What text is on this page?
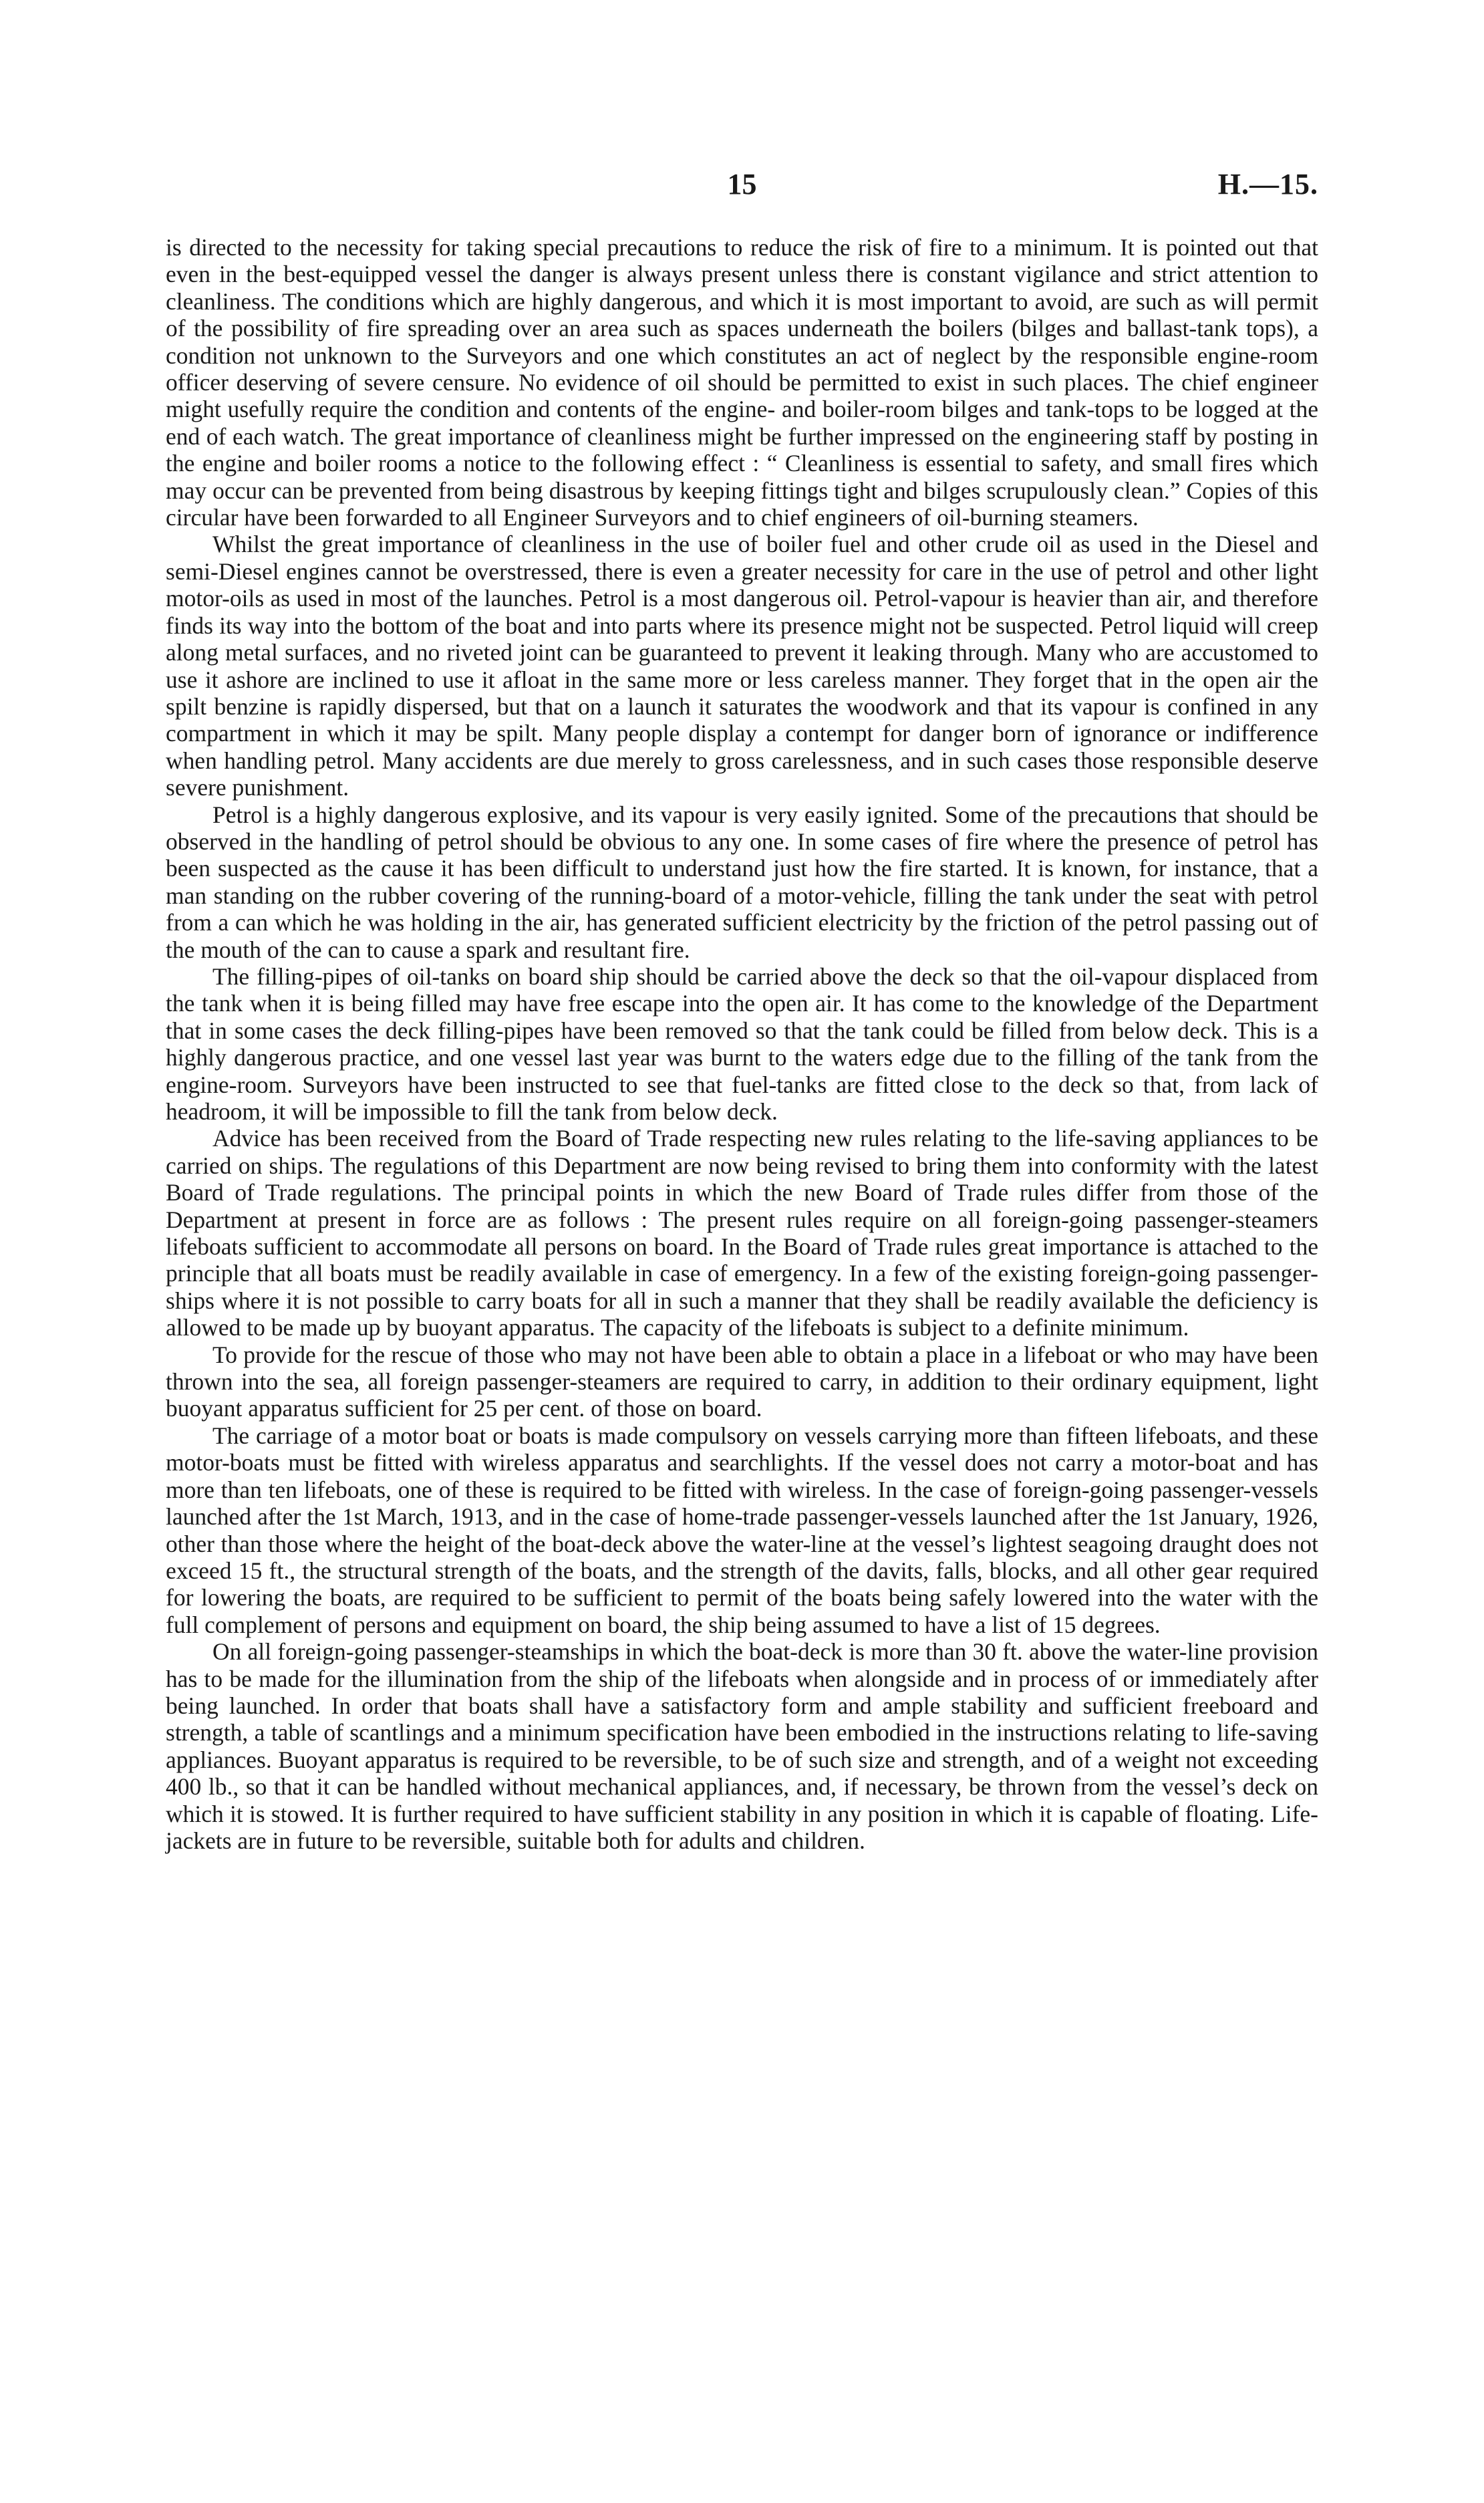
15	H.—15.

is directed to the necessity for taking special precautions to reduce the risk of fire to a minimum. It is pointed out that even in the best-equipped vessel the danger is always present unless there is constant vigilance and strict attention to cleanliness. The conditions which are highly dangerous, and which it is most important to avoid, are such as will permit of the possibility of fire spreading over an area such as spaces underneath the boilers (bilges and ballast-tank tops), a condition not unknown to the Surveyors and one which constitutes an act of neglect by the responsible engine-room officer deserving of severe censure. No evidence of oil should be permitted to exist in such places. The chief engineer might usefully require the condition and contents of the engine- and boiler-room bilges and tank-tops to be logged at the end of each watch. The great importance of cleanliness might be further impressed on the engineering staff by posting in the engine and boiler rooms a notice to the following effect : “ Cleanliness is essential to safety, and small fires which may occur can be prevented from being disastrous by keeping fittings tight and bilges scrupulously clean.” Copies of this circular have been forwarded to all Engineer Surveyors and to chief engineers of oil-burning steamers.

Whilst the great importance of cleanliness in the use of boiler fuel and other crude oil as used in the Diesel and semi-Diesel engines cannot be overstressed, there is even a greater necessity for care in the use of petrol and other light motor-oils as used in most of the launches. Petrol is a most dangerous oil. Petrol-vapour is heavier than air, and therefore finds its way into the bottom of the boat and into parts where its presence might not be suspected. Petrol liquid will creep along metal surfaces, and no riveted joint can be guaranteed to prevent it leaking through. Many who are accustomed to use it ashore are inclined to use it afloat in the same more or less careless manner. They forget that in the open air the spilt benzine is rapidly dispersed, but that on a launch it saturates the woodwork and that its vapour is confined in any compartment in which it may be spilt. Many people display a contempt for danger born of ignorance or indifference when handling petrol. Many accidents are due merely to gross carelessness, and in such cases those responsible deserve severe punishment.

Petrol is a highly dangerous explosive, and its vapour is very easily ignited. Some of the precautions that should be observed in the handling of petrol should be obvious to any one. In some cases of fire where the presence of petrol has been suspected as the cause it has been difficult to understand just how the fire started. It is known, for instance, that a man standing on the rubber covering of the running-board of a motor-vehicle, filling the tank under the seat with petrol from a can which he was holding in the air, has generated sufficient electricity by the friction of the petrol passing out of the mouth of the can to cause a spark and resultant fire.

The filling-pipes of oil-tanks on board ship should be carried above the deck so that the oil-vapour displaced from the tank when it is being filled may have free escape into the open air. It has come to the knowledge of the Department that in some cases the deck filling-pipes have been removed so that the tank could be filled from below deck. This is a highly dangerous practice, and one vessel last year was burnt to the waters edge due to the filling of the tank from the engine-room. Surveyors have been instructed to see that fuel-tanks are fitted close to the deck so that, from lack of headroom, it will be impossible to fill the tank from below deck.

Advice has been received from the Board of Trade respecting new rules relating to the life-saving appliances to be carried on ships. The regulations of this Department are now being revised to bring them into conformity with the latest Board of Trade regulations. The principal points in which the new Board of Trade rules differ from those of the Department at present in force are as follows : The present rules require on all foreign-going passenger-steamers lifeboats sufficient to accommodate all persons on board. In the Board of Trade rules great importance is attached to the principle that all boats must be readily available in case of emergency. In a few of the existing foreign-going passenger-ships where it is not possible to carry boats for all in such a manner that they shall be readily available the deficiency is allowed to be made up by buoyant apparatus. The capacity of the lifeboats is subject to a definite minimum.

To provide for the rescue of those who may not have been able to obtain a place in a lifeboat or who may have been thrown into the sea, all foreign passenger-steamers are required to carry, in addition to their ordinary equipment, light buoyant apparatus sufficient for 25 per cent. of those on board.

The carriage of a motor boat or boats is made compulsory on vessels carrying more than fifteen lifeboats, and these motor-boats must be fitted with wireless apparatus and searchlights. If the vessel does not carry a motor-boat and has more than ten lifeboats, one of these is required to be fitted with wireless. In the case of foreign-going passenger-vessels launched after the 1st March, 1913, and in the case of home-trade passenger-vessels launched after the 1st January, 1926, other than those where the height of the boat-deck above the water-line at the vessel’s lightest seagoing draught does not exceed 15 ft., the structural strength of the boats, and the strength of the davits, falls, blocks, and all other gear required for lowering the boats, are required to be sufficient to permit of the boats being safely lowered into the water with the full complement of persons and equipment on board, the ship being assumed to have a list of 15 degrees.

On all foreign-going passenger-steamships in which the boat-deck is more than 30 ft. above the water-line provision has to be made for the illumination from the ship of the lifeboats when alongside and in process of or immediately after being launched. In order that boats shall have a satisfactory form and ample stability and sufficient freeboard and strength, a table of scantlings and a minimum specification have been embodied in the instructions relating to life-saving appliances. Buoyant apparatus is required to be reversible, to be of such size and strength, and of a weight not exceeding 400 lb., so that it can be handled without mechanical appliances, and, if necessary, be thrown from the vessel’s deck on which it is stowed. It is further required to have sufficient stability in any position in which it is capable of floating. Life-jackets are in future to be reversible, suitable both for adults and children.
